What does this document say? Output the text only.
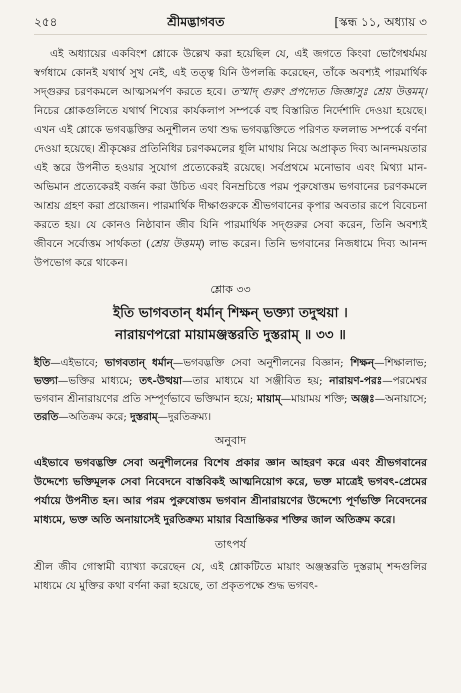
২৫৪	শ্রীমদ্ভাগবত	[স্কন্ধ ১১, অধ্যায় ৩

এই অধ্যায়ের একবিংশ শ্লোকে উল্লেখ করা হয়েছিল যে, এই জগতে কিংবা ভোগৈশ্বর্যময় স্বর্গধামে কোনই যথার্থ সুখ নেই, এই তত্ত্ব যিনি উপলব্ধি করেছেন, তাঁকে অবশ্যই পারমার্থিক সদ্গুরুর চরণকমলে আত্মসমর্পণ করতে হবে। তস্মাদ্ গুরুং প্রপদ্যেত জিজ্ঞাসুঃ শ্রেয় উত্তমম্। নিচের শ্লোকগুলিতে যথার্থ শিষ্যের কার্যকলাপ সম্পর্কে বহু বিস্তারিত নির্দেশাদি দেওয়া হয়েছে। এখন এই শ্লোকে ভগবদ্ভক্তির অনুশীলন তথা শুদ্ধ ভগবদ্ভক্তিতে পরিণত ফললাভ সম্পর্কে বর্ণনা দেওয়া হয়েছে। শ্রীকৃষ্ণের প্রতিনিধির চরণকমলের ধূলি মাথায় নিয়ে অপ্রাকৃত দিব্য আনন্দময়তার এই স্তরে উপনীত হওয়ার সুযোগ প্রত্যেকেরই রয়েছে। সর্বপ্রথমে মনোভাব এবং মিথ্যা মান-অভিমান প্রত্যেকেরই বর্জন করা উচিত এবং বিনম্রচিত্তে পরম পুরুষোত্তম ভগবানের চরণকমলে আশ্রয় গ্রহণ করা প্রয়োজন। পারমার্থিক দীক্ষাগুরুকে শ্রীভগবানের কৃপার অবতার রূপে বিবেচনা করতে হয়। যে কোনও নিষ্ঠাবান জীব যিনি পারমার্থিক সদ্গুরুর সেবা করেন, তিনি অবশ্যই জীবনে সর্বোত্তম সার্থকতা (শ্রেয় উত্তমম্) লাভ করেন। তিনি ভগবানের নিজধামে দিব্য আনন্দ উপভোগ করে থাকেন।

শ্লোক ৩৩
ইতি ভাগবতান্ ধর্মান্ শিক্ষন্ ভক্ত্যা তদুত্থয়া ।
নারায়ণপরো মায়ামঞ্জস্তরতি দুস্তরাম্ ॥ ৩৩ ॥
ইতি—এইভাবে; ভাগবতান্ ধর্মান্—ভগবদ্ভক্তি সেবা অনুশীলনের বিজ্ঞান; শিক্ষন্—শিক্ষালাভ; ভক্ত্যা—ভক্তির মাধ্যমে; তৎ-উত্থয়া—তার মাধ্যমে যা সঞ্জীবিত হয়; নারায়ণ-পরঃ—পরমেশ্বর ভগবান শ্রীনারায়ণের প্রতি সম্পূর্ণভাবে ভক্তিমান হয়ে; মায়াম্—মায়াময় শক্তি; অঞ্জঃ—অনায়াসে; তরতি—অতিক্রম করে; দুস্তরাম্—দুরতিক্রম্য।
অনুবাদ

এইভাবে ভগবদ্ভক্তি সেবা অনুশীলনের বিশেষ প্রকার জ্ঞান আহরণ করে এবং শ্রীভগবানের উদ্দেশ্যে ভক্তিমূলক সেবা নিবেদনে বাস্তবিকই আত্মনিয়োগ করে, ভক্ত মাত্রেই ভগবৎ-প্রেমের পর্যায়ে উপনীত হন। আর পরম পুরুষোত্তম ভগবান শ্রীনারায়ণের উদ্দেশ্যে পূর্ণভক্তি নিবেদনের মাধ্যমে, ভক্ত অতি অনায়াসেই দুরতিক্রম্য মায়ার বিভ্রান্তিকর শক্তির জাল অতিক্রম করে।

তাৎপর্য

শ্রীল জীব গোস্বামী ব্যাখ্যা করেছেন যে, এই শ্লোকটিতে মায়াং অঞ্জস্তরতি দুস্তরাম্ শব্দগুলির মাধ্যমে যে মুক্তির কথা বর্ণনা করা হয়েছে, তা প্রকৃতপক্ষে শুদ্ধ ভগবৎ-
